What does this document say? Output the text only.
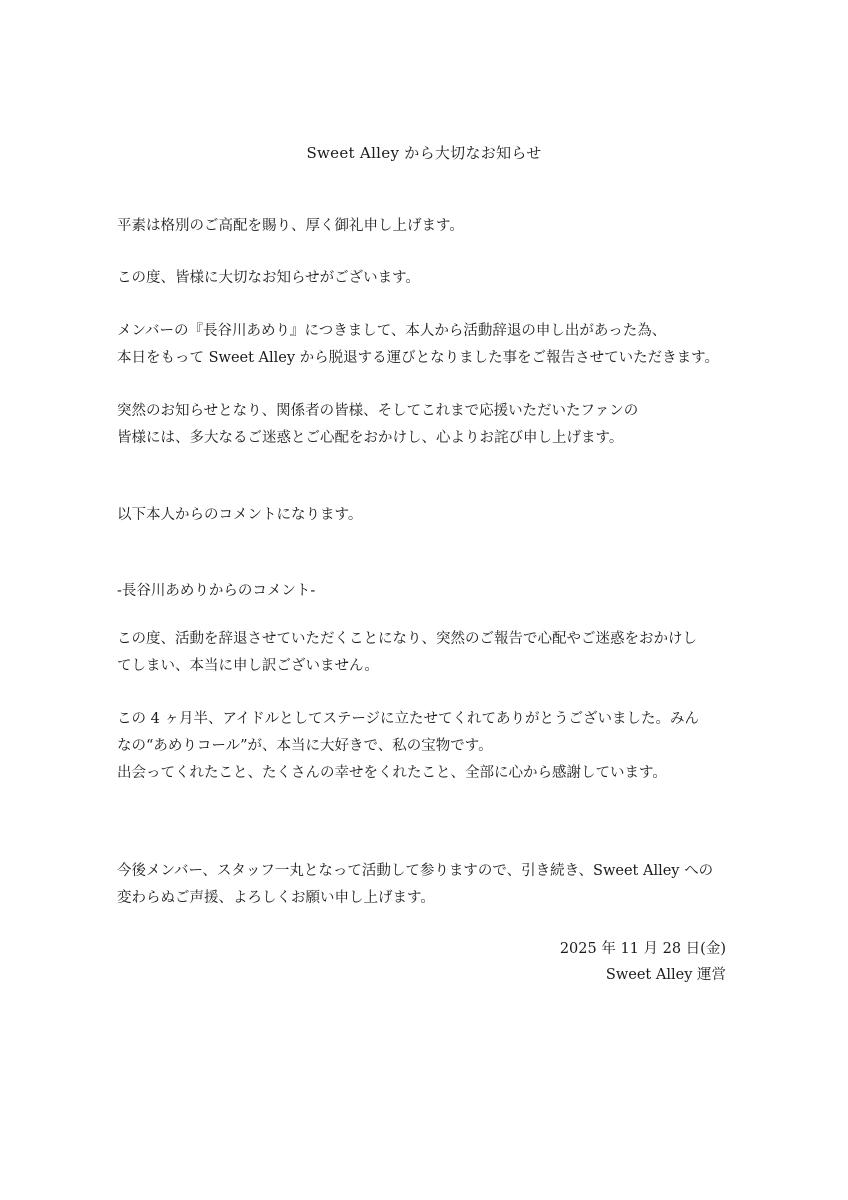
Sweet Alley から大切なお知らせ
平素は格別のご高配を賜り、厚く御礼申し上げます。
この度、皆様に大切なお知らせがございます。
メンバーの『長谷川あめり』につきまして、本人から活動辞退の申し出があった為、
本日をもって Sweet Alley から脱退する運びとなりました事をご報告させていただきます。
突然のお知らせとなり、関係者の皆様、そしてこれまで応援いただいたファンの
皆様には、多大なるご迷惑とご心配をおかけし、心よりお詫び申し上げます。
以下本人からのコメントになります。
-長谷川あめりからのコメント-
この度、活動を辞退させていただくことになり、突然のご報告で心配やご迷惑をおかけし
てしまい、本当に申し訳ございません。
この 4 ヶ月半、アイドルとしてステージに立たせてくれてありがとうございました。みん
なの“あめりコール”が、本当に大好きで、私の宝物です。
出会ってくれたこと、たくさんの幸せをくれたこと、全部に心から感謝しています。
今後メンバー、スタッフ一丸となって活動して参りますので、引き続き、Sweet Alley への
変わらぬご声援、よろしくお願い申し上げます。
2025 年 11 月 28 日(金)
Sweet Alley 運営
